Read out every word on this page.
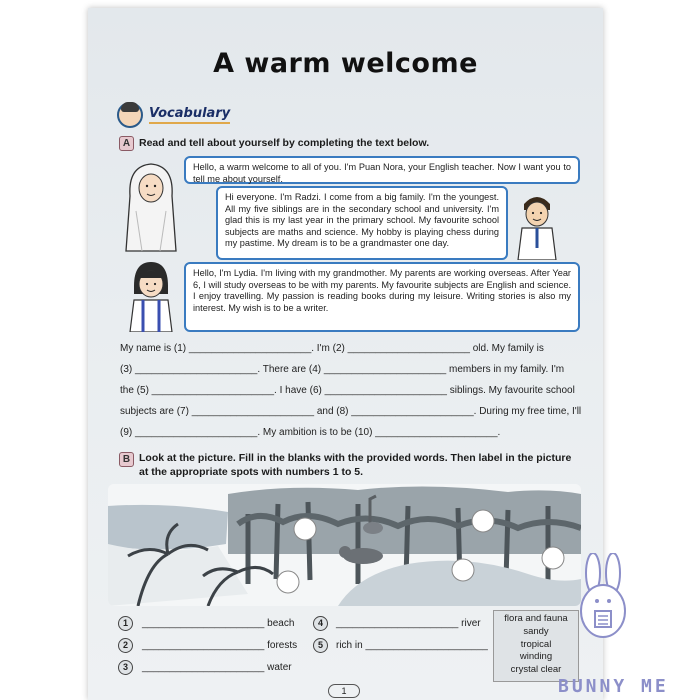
A warm welcome
Vocabulary
A Read and tell about yourself by completing the text below.
Hello, a warm welcome to all of you. I'm Puan Nora, your English teacher. Now I want you to tell me about yourself.
Hi everyone. I'm Radzi. I come from a big family. I'm the youngest. All my five siblings are in the secondary school and university. I'm glad this is my last year in the primary school. My favourite school subjects are maths and science. My hobby is playing chess during my pastime. My dream is to be a grandmaster one day.
Hello, I'm Lydia. I'm living with my grandmother. My parents are working overseas. After Year 6, I will study overseas to be with my parents. My favourite subjects are English and science. I enjoy travelling. My passion is reading books during my leisure. Writing stories is also my interest. My wish is to be a writer.
My name is (1) ______________________. I'm (2) ______________________ old. My family is
(3) ______________________. There are (4) ______________________ members in my family. I'm
the (5) ______________________. I have (6) ______________________ siblings. My favourite school
subjects are (7) ______________________ and (8) ______________________. During my free time, I'll
(9) ______________________. My ambition is to be (10) ______________________.
B Look at the picture. Fill in the blanks with the provided words. Then label in the picture
at the appropriate spots with numbers 1 to 5.
1	______________________ beach
2	______________________ forests
3	______________________ water
4	______________________ river
5	rich in ______________________
flora and fauna
sandy
tropical
winding
crystal clear
1	BUNNY ME
